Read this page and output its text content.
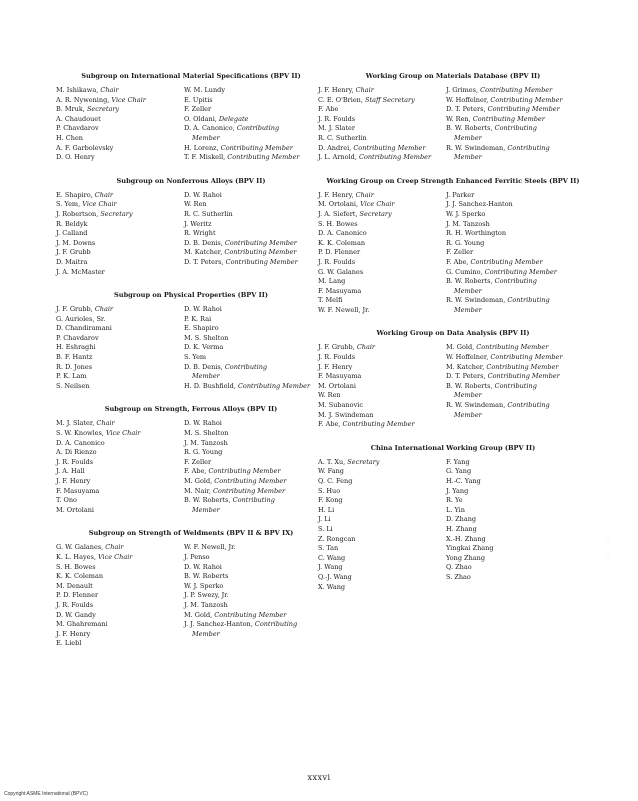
Subgroup on International Material Specifications (BPV II)
M. Ishikawa, Chair
A. R. Nywening, Vice Chair
B. Mruk, Secretary
A. Chaudouet
P. Chavdarov
H. Chen
A. F. Garbolevsky
D. O. Henry
W. M. Lundy
E. Upitis
F. Zeller
O. Oldani, Delegate
D. A. Canonico, Contributing
Member
H. Lorenz, Contributing Member
T. F. Miskell, Contributing Member
Subgroup on Nonferrous Alloys (BPV II)
E. Shapiro, Chair
S. Yem, Vice Chair
J. Robertson, Secretary
R. Beldyk
J. Calland
J. M. Downs
J. F. Grubb
D. Maitra
J. A. McMaster
D. W. Rahoi
W. Ren
R. C. Sutherlin
J. Weritz
R. Wright
D. B. Denis, Contributing Member
M. Katcher, Contributing Member
D. T. Peters, Contributing Member
Subgroup on Physical Properties (BPV II)
J. F. Grubb, Chair
G. Aurioles, Sr.
D. Chandiramani
P. Chavdarov
H. Eshraghi
B. F. Hantz
R. D. Jones
P. K. Lam
S. Neilsen
D. W. Rahoi
P. K. Rai
E. Shapiro
M. S. Shelton
D. K. Verma
S. Yem
D. B. Denis, Contributing
Member
H. D. Bushfield, Contributing Member
Subgroup on Strength, Ferrous Alloys (BPV II)
M. J. Slater, Chair
S. W. Knowles, Vice Chair
D. A. Canonico
A. Di Rienzo
J. R. Foulds
J. A. Hall
J. F. Henry
F. Masuyama
T. Ono
M. Ortolani
D. W. Rahoi
M. S. Shelton
J. M. Tanzosh
R. G. Young
F. Zeller
F. Abe, Contributing Member
M. Gold, Contributing Member
M. Nair, Contributing Member
B. W. Roberts, Contributing
Member
Subgroup on Strength of Weldments (BPV II & BPV IX)
G. W. Galanes, Chair
K. L. Hayes, Vice Chair
S. H. Bowes
K. K. Coleman
M. Denault
P. D. Flenner
J. R. Foulds
D. W. Gandy
M. Ghahremani
J. F. Henry
E. Liebl
W. F. Newell, Jr.
J. Penso
D. W. Rahoi
B. W. Roberts
W. J. Sperko
J. P. Swezy, Jr.
J. M. Tanzosh
M. Gold, Contributing Member
J. J. Sanchez-Hanton, Contributing
Member
Working Group on Materials Database (BPV II)
J. F. Henry, Chair
C. E. O'Brien, Staff Secretary
F. Abe
J. R. Foulds
M. J. Slater
R. C. Sutherlin
D. Andrei, Contributing Member
J. L. Arnold, Contributing Member
J. Grimes, Contributing Member
W. Hoffelner, Contributing Member
D. T. Peters, Contributing Member
W. Ren, Contributing Member
B. W. Roberts, Contributing
Member
R. W. Swindeman, Contributing
Member
Working Group on Creep Strength Enhanced Ferritic Steels (BPV II)
J. F. Henry, Chair
M. Ortolani, Vice Chair
J. A. Siefert, Secretary
S. H. Bowes
D. A. Canonico
K. K. Coleman
P. D. Flenner
J. R. Foulds
G. W. Galanes
M. Lang
F. Masuyama
T. Melfi
W. F. Newell, Jr.
J. Parker
J. J. Sanchez-Hanton
W. J. Sperko
J. M. Tanzosh
R. H. Worthington
R. G. Young
F. Zeller
F. Abe, Contributing Member
G. Cumino, Contributing Member
B. W. Roberts, Contributing
Member
R. W. Swindeman, Contributing
Member
Working Group on Data Analysis (BPV II)
J. F. Grubb, Chair
J. R. Foulds
J. F. Henry
F. Masuyama
M. Ortolani
W. Ren
M. Subanovic
M. J. Swindeman
F. Abe, Contributing Member
M. Gold, Contributing Member
W. Hoffelner, Contributing Member
M. Katcher, Contributing Member
D. T. Peters, Contributing Member
B. W. Roberts, Contributing
Member
R. W. Swindeman, Contributing
Member
China International Working Group (BPV II)
A. T. Xu, Secretary
W. Fang
Q. C. Feng
S. Huo
F. Kong
H. Li
J. Li
S. Li
Z. Rongcan
S. Tan
C. Wang
J. Wang
Q.-J. Wang
X. Wang
F. Yang
G. Yang
H.-C. Yang
J. Yang
R. Ye
L. Yin
D. Zhang
H. Zhang
X.-H. Zhang
Yingkai Zhang
Yong Zhang
Q. Zhao
S. Zhao
: : : : : : : : : : : :
xxxvi
Copyright ASME International (BPVC)
